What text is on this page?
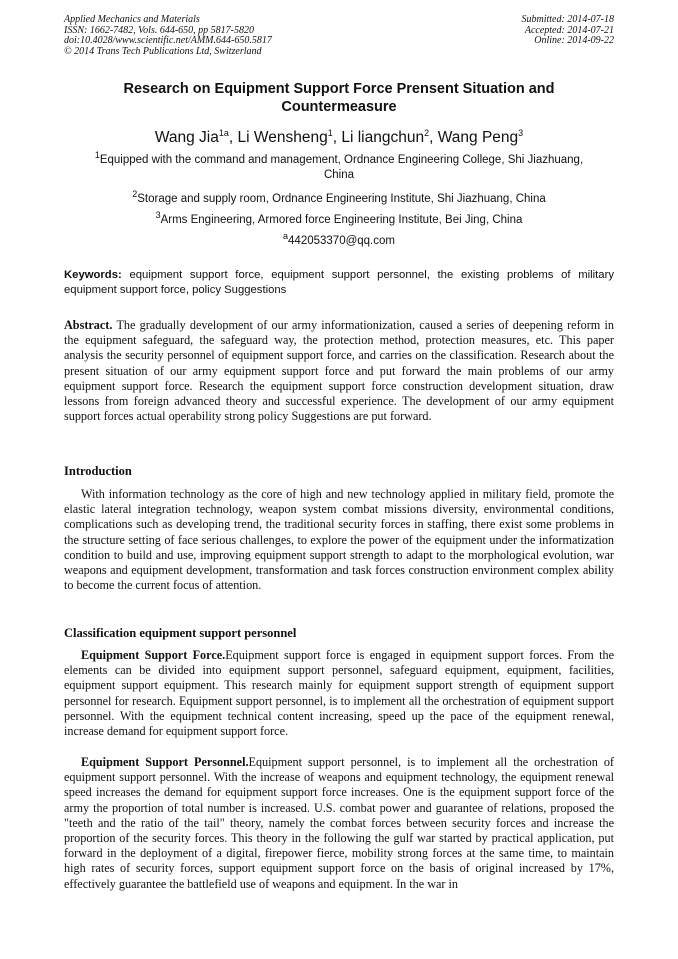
Applied Mechanics and Materials
ISSN: 1662-7482, Vols. 644-650, pp 5817-5820
doi:10.4028/www.scientific.net/AMM.644-650.5817
© 2014 Trans Tech Publications Ltd, Switzerland
Submitted: 2014-07-18
Accepted: 2014-07-21
Online: 2014-09-22
Research on Equipment Support Force Prensent Situation and Countermeasure
Wang Jia$^{1a}$, Li Wensheng$^1$, Li liangchun$^2$, Wang Peng$^3$
$^1$Equipped with the command and management, Ordnance Engineering College, Shi Jiazhuang, China
$^2$Storage and supply room, Ordnance Engineering Institute, Shi Jiazhuang, China
$^3$Arms Engineering, Armored force Engineering Institute, Bei Jing, China
$^a$442053370@qq.com
Keywords: equipment support force, equipment support personnel, the existing problems of military equipment support force, policy Suggestions
Abstract. The gradually development of our army informationization, caused a series of deepening reform in the equipment safeguard, the safeguard way, the protection method, protection measures, etc. This paper analysis the security personnel of equipment support force, and carries on the classification. Research about the present situation of our army equipment support force and put forward the main problems of our army equipment support force. Research the equipment support force construction development situation, draw lessons from foreign advanced theory and successful experience. The development of our army equipment support forces actual operability strong policy Suggestions are put forward.
Introduction
With information technology as the core of high and new technology applied in military field, promote the elastic lateral integration technology, weapon system combat missions diversity, environmental conditions, complications such as developing trend, the traditional security forces in staffing, there exist some problems in the structure setting of face serious challenges, to explore the power of the equipment under the informatization condition to build and use, improving equipment support strength to adapt to the morphological evolution, war weapons and equipment development, transformation and task forces construction environment complex ability to become the current focus of attention.
Classification equipment support personnel
Equipment Support Force.Equipment support force is engaged in equipment support forces. From the elements can be divided into equipment support personnel, safeguard equipment, equipment, facilities, equipment support equipment. This research mainly for equipment support strength of equipment support personnel for research. Equipment support personnel, is to implement all the orchestration of equipment support personnel. With the equipment technical content increasing, speed up the pace of the equipment renewal, increase demand for equipment support force.
Equipment Support Personnel.Equipment support personnel, is to implement all the orchestration of equipment support personnel. With the increase of weapons and equipment technology, the equipment renewal speed increases the demand for equipment support force increases. One is the equipment support force of the army the proportion of total number is increased. U.S. combat power and guarantee of relations, proposed the "teeth and the ratio of the tail" theory, namely the combat forces between security forces and increase the proportion of the security forces. This theory in the following the gulf war started by practical application, put forward in the deployment of a digital, firepower fierce, mobility strong forces at the same time, to maintain high rates of security forces, support equipment support force on the basis of original increased by 17%, effectively guarantee the battlefield use of weapons and equipment. In the war in
